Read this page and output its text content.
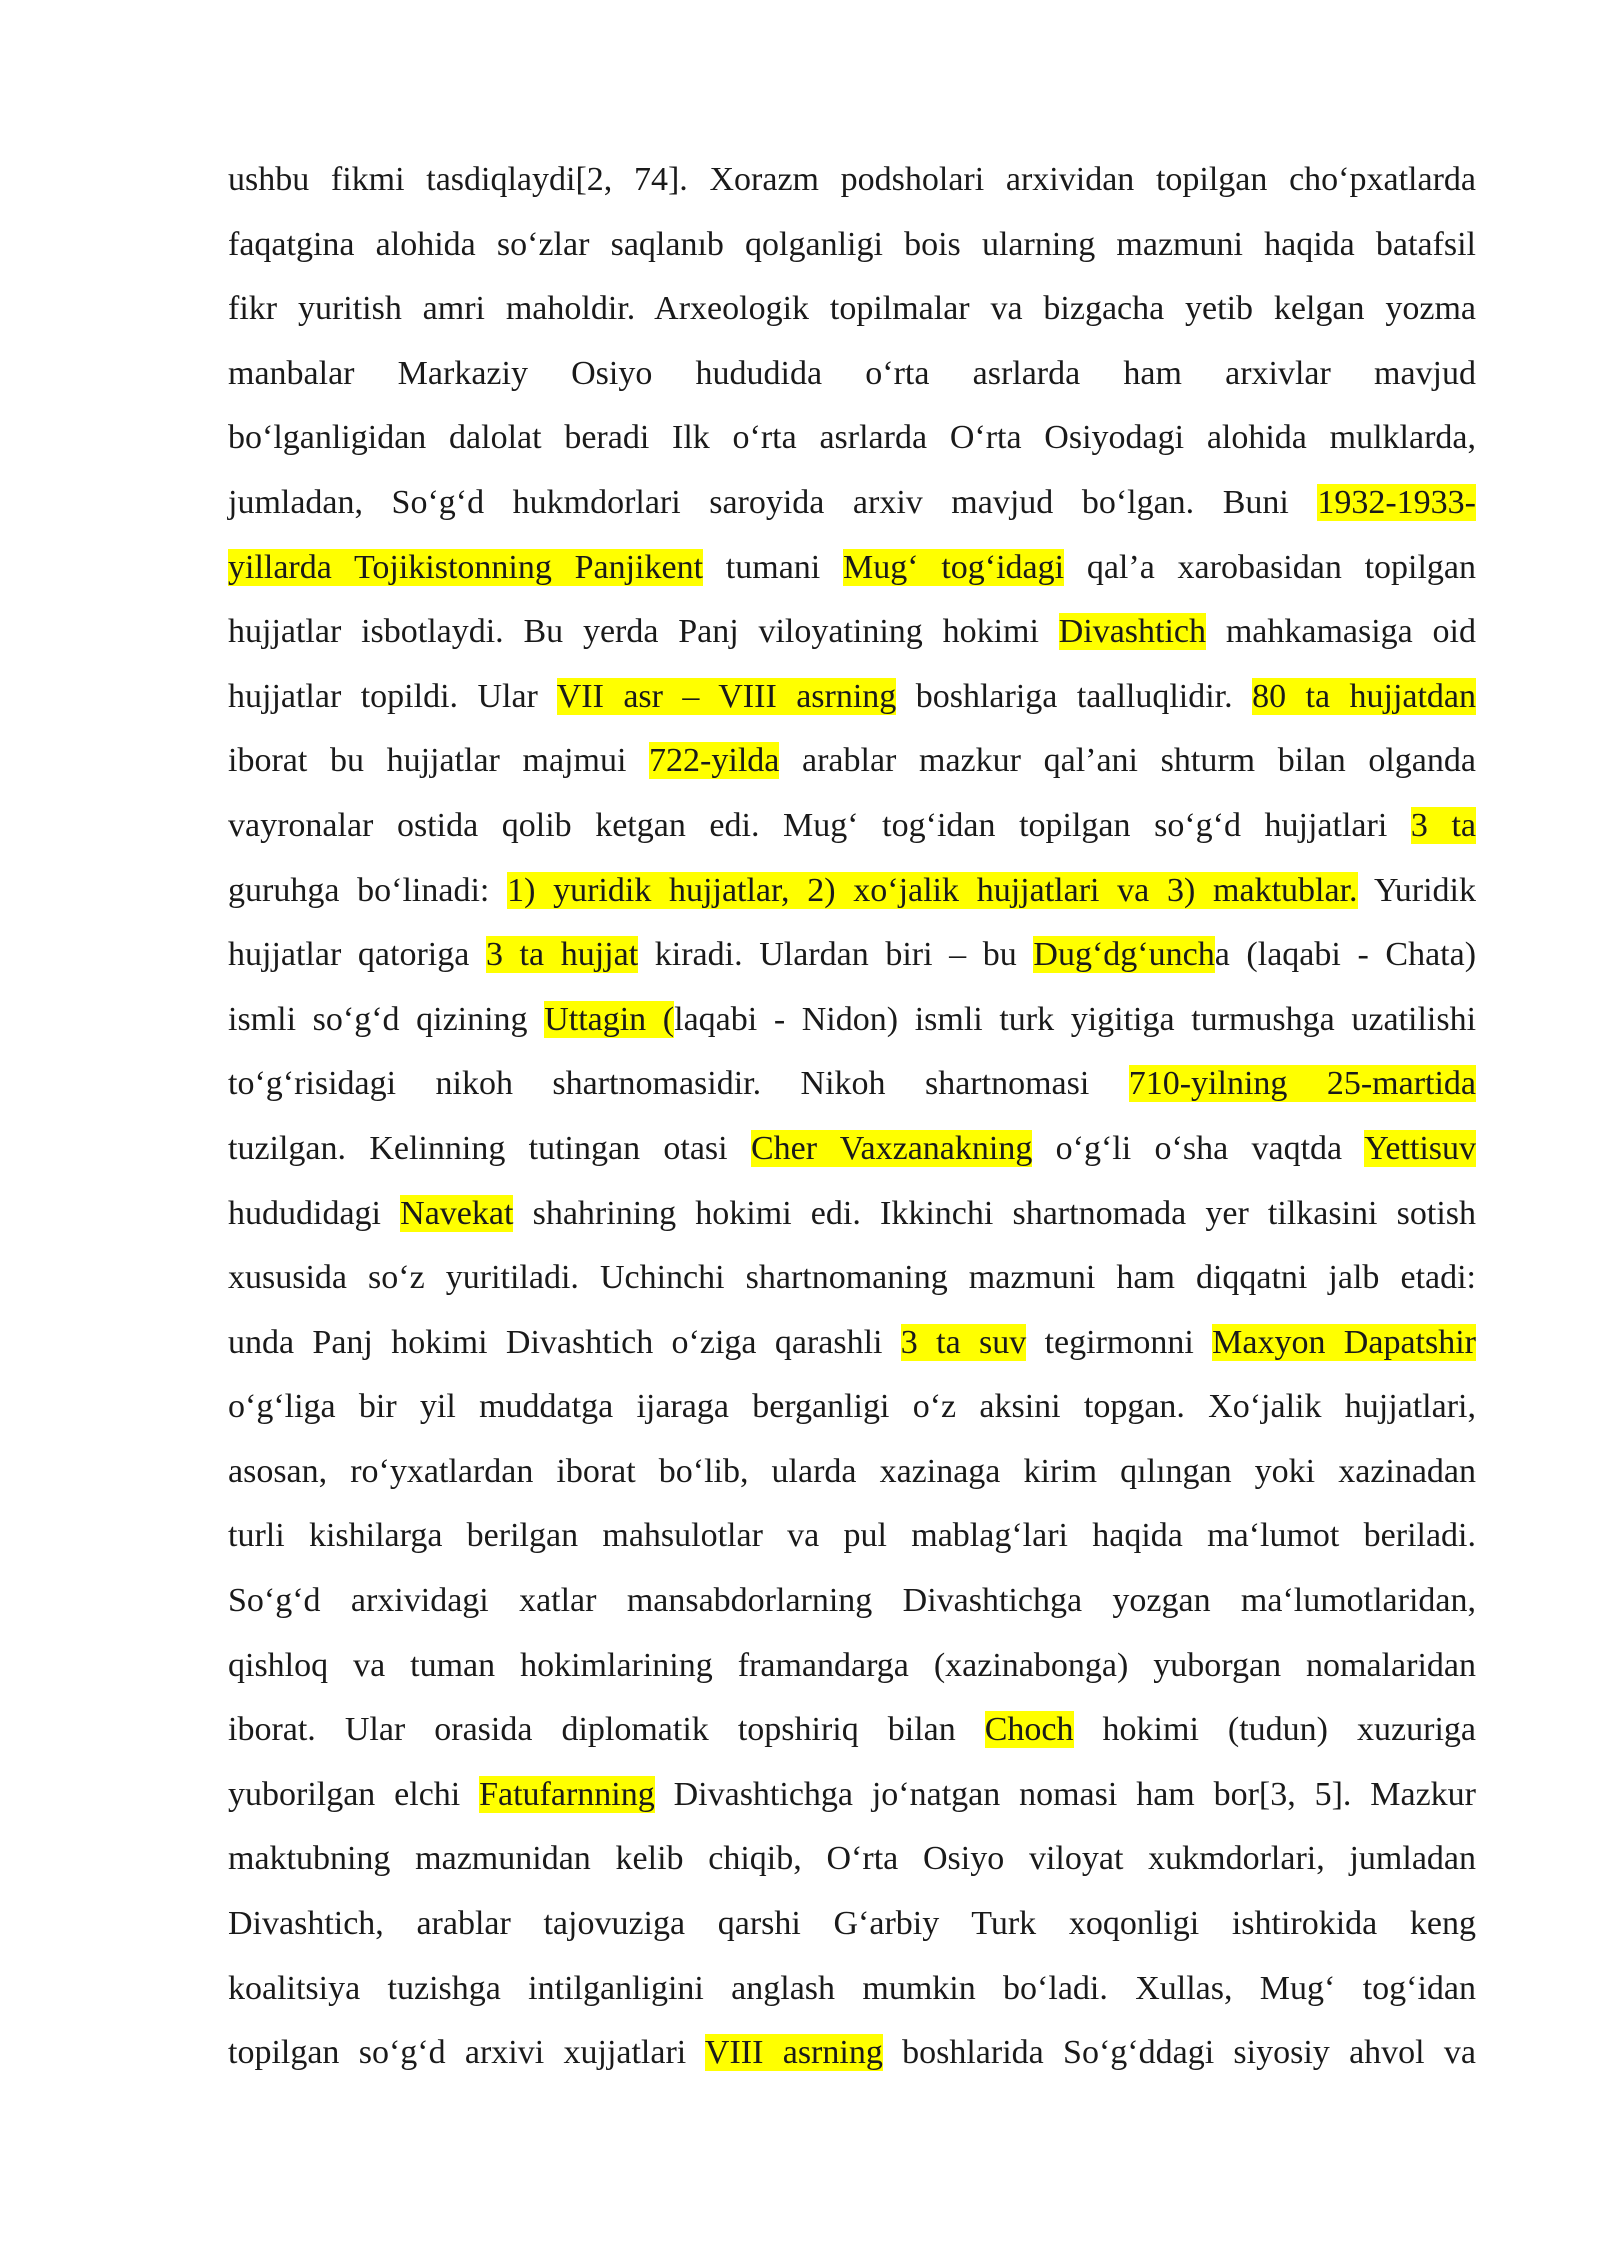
ushbu fikmi tasdiqlaydi[2, 74]. Xorazm podsholari arxividan topilgan cho‘pxatlarda
faqatgina alohida so‘zlar saqlanıb qolganligi bois ularning mazmuni haqida batafsil
fikr yuritish amri maholdir. Arxeologik topilmalar va bizgacha yetib kelgan yozma
manbalar Markaziy Osiyo hududida o‘rta asrlarda ham arxivlar mavjud
bo‘lganligidan dalolat beradi Ilk o‘rta asrlarda O‘rta Osiyodagi alohida mulklarda,
jumladan, So‘g‘d hukmdorlari saroyida arxiv mavjud bo‘lgan. Buni 1932-1933-
yillarda Tojikistonning Panjikent tumani Mug‘ tog‘idagi qal’a xarobasidan topilgan
hujjatlar isbotlaydi. Bu yerda Panj viloyatining hokimi Divashtich mahkamasiga oid
hujjatlar topildi. Ular VII asr – VIII asrning boshlariga taalluqlidir. 80 ta hujjatdan
iborat bu hujjatlar majmui 722-yilda arablar mazkur qal’ani shturm bilan olganda
vayronalar ostida qolib ketgan edi. Mug‘ tog‘idan topilgan so‘g‘d hujjatlari 3 ta
guruhga bo‘linadi: 1) yuridik hujjatlar, 2) xo‘jalik hujjatlari va 3) maktublar. Yuridik
hujjatlar qatoriga 3 ta hujjat kiradi. Ulardan biri – bu Dug‘dg‘uncha (laqabi - Chata)
ismli so‘g‘d qizining Uttagin (laqabi - Nidon) ismli turk yigitiga turmushga uzatilishi
to‘g‘risidagi nikoh shartnomasidir. Nikoh shartnomasi 710-yilning 25-martida
tuzilgan. Kelinning tutingan otasi Cher Vaxzanakning o‘g‘li o‘sha vaqtda Yettisuv
hududidagi Navekat shahrining hokimi edi. Ikkinchi shartnomada yer tilkasini sotish
xususida so‘z yuritiladi. Uchinchi shartnomaning mazmuni ham diqqatni jalb etadi:
unda Panj hokimi Divashtich o‘ziga qarashli 3 ta suv tegirmonni Maxyon Dapatshir
o‘g‘liga bir yil muddatga ijaraga berganligi o‘z aksini topgan. Xo‘jalik hujjatlari,
asosan, ro‘yxatlardan iborat bo‘lib, ularda xazinaga kirim qılıngan yoki xazinadan
turli kishilarga berilgan mahsulotlar va pul mablag‘lari haqida ma‘lumot beriladi.
So‘g‘d arxividagi xatlar mansabdorlarning Divashtichga yozgan ma‘lumotlaridan,
qishloq va tuman hokimlarining framandarga (xazinabonga) yuborgan nomalaridan
iborat. Ular orasida diplomatik topshiriq bilan Choch hokimi (tudun) xuzuriga
yuborilgan elchi Fatufarnning Divashtichga jo‘natgan nomasi ham bor[3, 5]. Mazkur
maktubning mazmunidan kelib chiqib, O‘rta Osiyo viloyat xukmdorlari, jumladan
Divashtich, arablar tajovuziga qarshi G‘arbiy Turk xoqonligi ishtirokida keng
koalitsiya tuzishga intilganligini anglash mumkin bo‘ladi. Xullas, Mug‘ tog‘idan
topilgan so‘g‘d arxivi xujjatlari VIII asrning boshlarida So‘g‘ddagi siyosiy ahvol va
